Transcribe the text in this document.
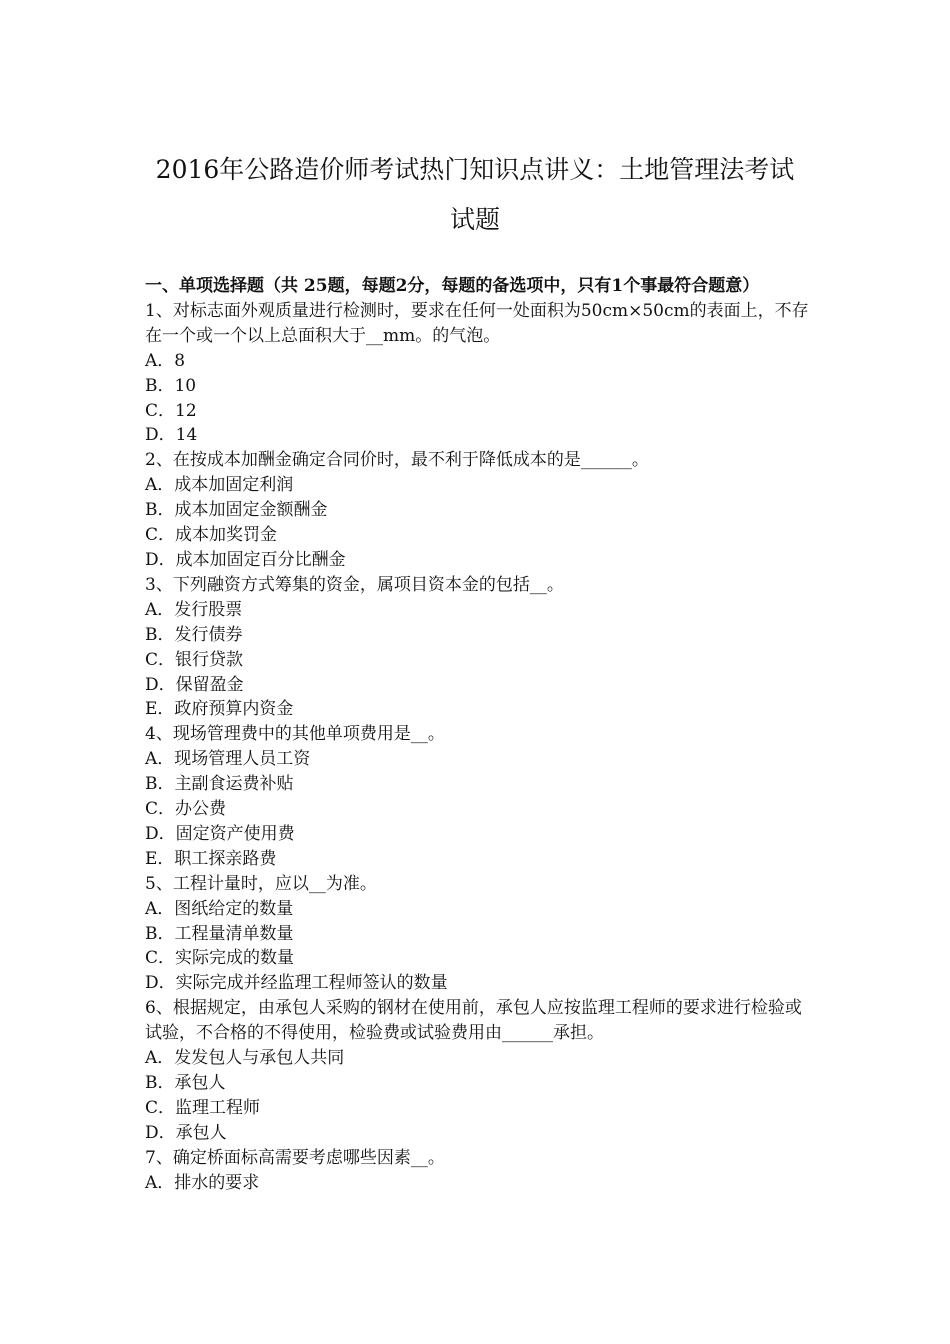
2016年公路造价师考试热门知识点讲义：土地管理法考试
试题

一、单项选择题（共 25题，每题2分，每题的备选项中，只有1个事最符合题意）

1、对标志面外观质量进行检测时，要求在任何一处面积为50cm×50cm的表面上，不存在一个或一个以上总面积大于__mm。的气泡。

A．8

B．10

C．12

D．14

2、在按成本加酬金确定合同价时，最不利于降低成本的是______。

A．成本加固定利润

B．成本加固定金额酬金

C．成本加奖罚金

D．成本加固定百分比酬金

3、下列融资方式筹集的资金，属项目资本金的包括__。

A．发行股票

B．发行债券

C．银行贷款

D．保留盈金

E．政府预算内资金

4、现场管理费中的其他单项费用是__。

A．现场管理人员工资

B．主副食运费补贴

C．办公费

D．固定资产使用费

E．职工探亲路费

5、工程计量时，应以__为准。

A．图纸给定的数量

B．工程量清单数量

C．实际完成的数量

D．实际完成并经监理工程师签认的数量

6、根据规定，由承包人采购的钢材在使用前，承包人应按监理工程师的要求进行检验或试验，不合格的不得使用，检验费或试验费用由______承担。

A．发发包人与承包人共同

B．承包人

C．监理工程师

D．承包人

7、确定桥面标高需要考虑哪些因素__。

A．排水的要求
